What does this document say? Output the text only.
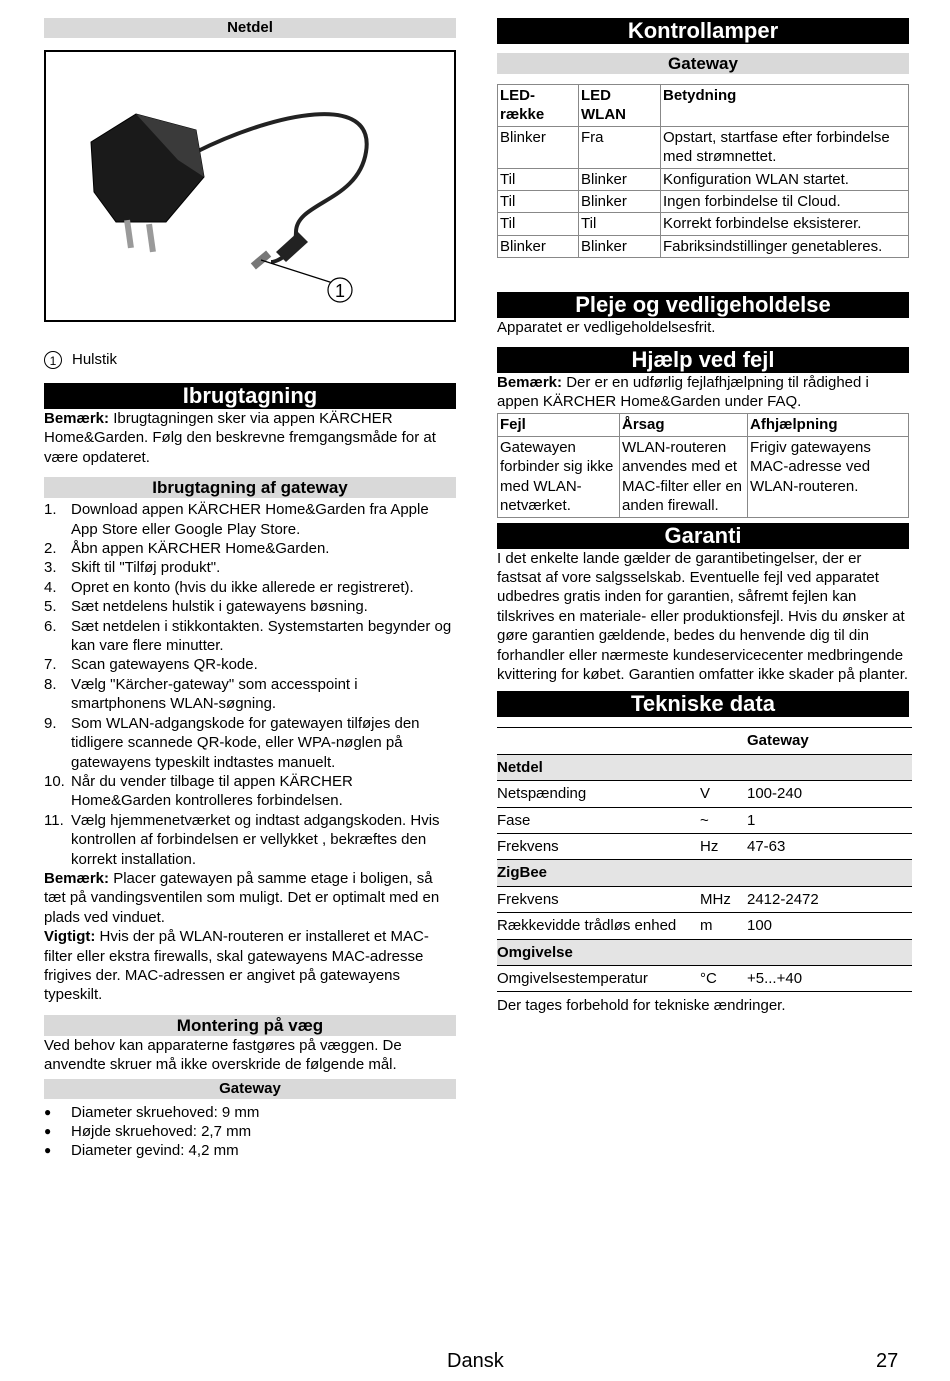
Netdel
1
1	Hulstik
Ibrugtagning

Bemærk: Ibrugtagningen sker via appen KÄRCHER Home&Garden. Følg den beskrevne fremgangsmåde for at være opdateret.

Ibrugtagning af gateway
1. Download appen KÄRCHER Home&Garden fra Apple App Store eller Google Play Store.
2. Åbn appen KÄRCHER Home&Garden.
3. Skift til "Tilføj produkt".
4. Opret en konto (hvis du ikke allerede er registreret).
5. Sæt netdelens hulstik i gatewayens bøsning.
6. Sæt netdelen i stikkontakten. Systemstarten begynder og kan vare flere minutter.
7. Scan gatewayens QR-kode.
8. Vælg "Kärcher-gateway" som accesspoint i smartphonens WLAN-søgning.
9. Som WLAN-adgangskode for gatewayen tilføjes den tidligere scannede QR-kode, eller WPA-nøglen på gatewayens typeskilt indtastes manuelt.
10. Når du vender tilbage til appen KÄRCHER Home&Garden kontrolleres forbindelsen.
11. Vælg hjemmenetværket og indtast adgangskoden. Hvis kontrollen af forbindelsen er vellykket , bekræftes den korrekt installation.

Bemærk: Placer gatewayen på samme etage i boligen, så tæt på vandingsventilen som muligt. Det er optimalt med en plads ved vinduet.

Vigtigt: Hvis der på WLAN-routeren er installeret et MAC-filter eller ekstra firewalls, skal gatewayens MAC-adresse frigives der. MAC-adressen er angivet på gatewayens typeskilt.

Montering på væg

Ved behov kan apparaterne fastgøres på væggen. De anvendte skruer må ikke overskride de følgende mål.

Gateway
●	Diameter skruehoved: 9 mm
●	Højde skruehoved: 2,7 mm
●	Diameter gevind: 4,2 mm
Kontrollamper
Gateway
LED-række	LED WLAN	Betydning
Blinker	Fra	Opstart, startfase efter forbindelse med strømnettet.
Til	Blinker	Konfiguration WLAN startet.
Til	Blinker	Ingen forbindelse til Cloud.
Til	Til	Korrekt forbindelse eksisterer.
Blinker	Blinker	Fabriksindstillinger genetableres.
Pleje og vedligeholdelse

Apparatet er vedligeholdelsesfrit.

Hjælp ved fejl

Bemærk: Der er en udførlig fejlafhjælpning til rådighed i appen KÄRCHER Home&Garden under FAQ.

Fejl	Årsag	Afhjælpning
Gatewayen forbinder sig ikke med WLAN-netværket.	WLAN-routeren anvendes med et MAC-filter eller en anden firewall.	Frigiv gatewayens MAC-adresse ved WLAN-routeren.
Garanti

I det enkelte lande gælder de garantibetingelser, der er fastsat af vore salgsselskab. Eventuelle fejl ved apparatet udbedres gratis inden for garantien, såfremt fejlen kan tilskrives en materiale- eller produktionsfejl. Hvis du ønsker at gøre garantien gældende, bedes du henvende dig til din forhandler eller nærmeste kundeservicecenter medbringende kvittering for købet. Garantien omfatter ikke skader på planter.

Tekniske data
		Gateway
Netdel		
Netspænding	V	100-240
Fase	~	1
Frekvens	Hz	47-63
ZigBee		
Frekvens	MHz	2412-2472
Rækkevidde trådløs enhed	m	100
Omgivelse		
Omgivelsestemperatur	°C	+5...+40

Der tages forbehold for tekniske ændringer.

Dansk	27
